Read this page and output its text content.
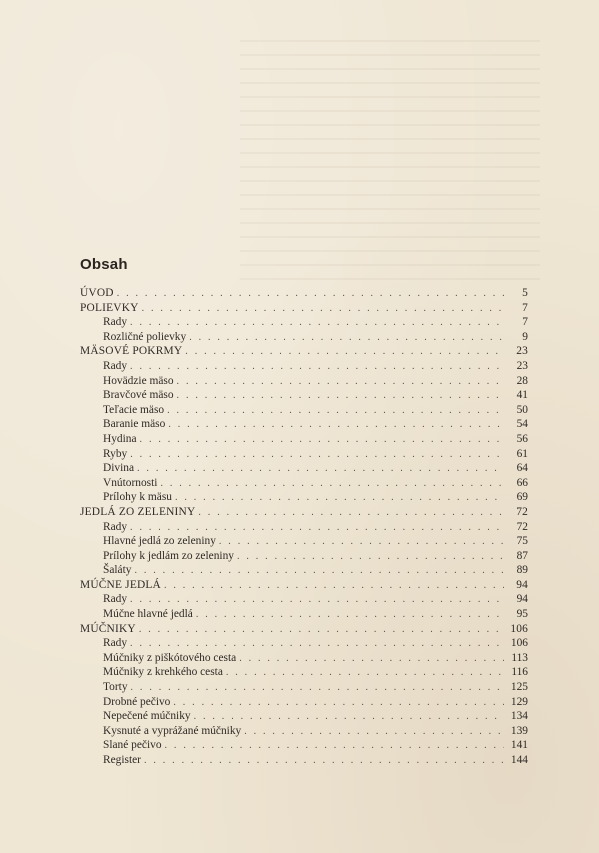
Obsah
ÚVOD . . .	5
POLIEVKY . . .	7
Rady . . .	7
Rozličné polievky . . .	9
MÄSOVÉ POKRMY . . .	23
Rady . . .	23
Hovädzie mäso . . .	28
Bravčové mäso . . .	41
Teľacie mäso . . .	50
Baranie mäso . . .	54
Hydina . . .	56
Ryby . . .	61
Divina . . .	64
Vnútornosti . . .	66
Prílohy k mäsu . . .	69
JEDLÁ ZO ZELENINY . . .	72
Rady . . .	72
Hlavné jedlá zo zeleniny . . .	75
Prílohy k jedlám zo zeleniny . . .	87
Šaláty . . .	89
MÚČNE JEDLÁ . . .	94
Rady . . .	94
Múčne hlavné jedlá . . .	95
MÚČNIKY . . .	106
Rady . . .	106
Múčniky z piškótového cesta . . .	113
Múčniky z krehkého cesta . . .	116
Torty . . .	125
Drobné pečivo . . .	129
Nepečené múčniky . . .	134
Kysnuté a vyprážané múčniky . . .	139
Slané pečivo . . .	141
Register . . .	144
